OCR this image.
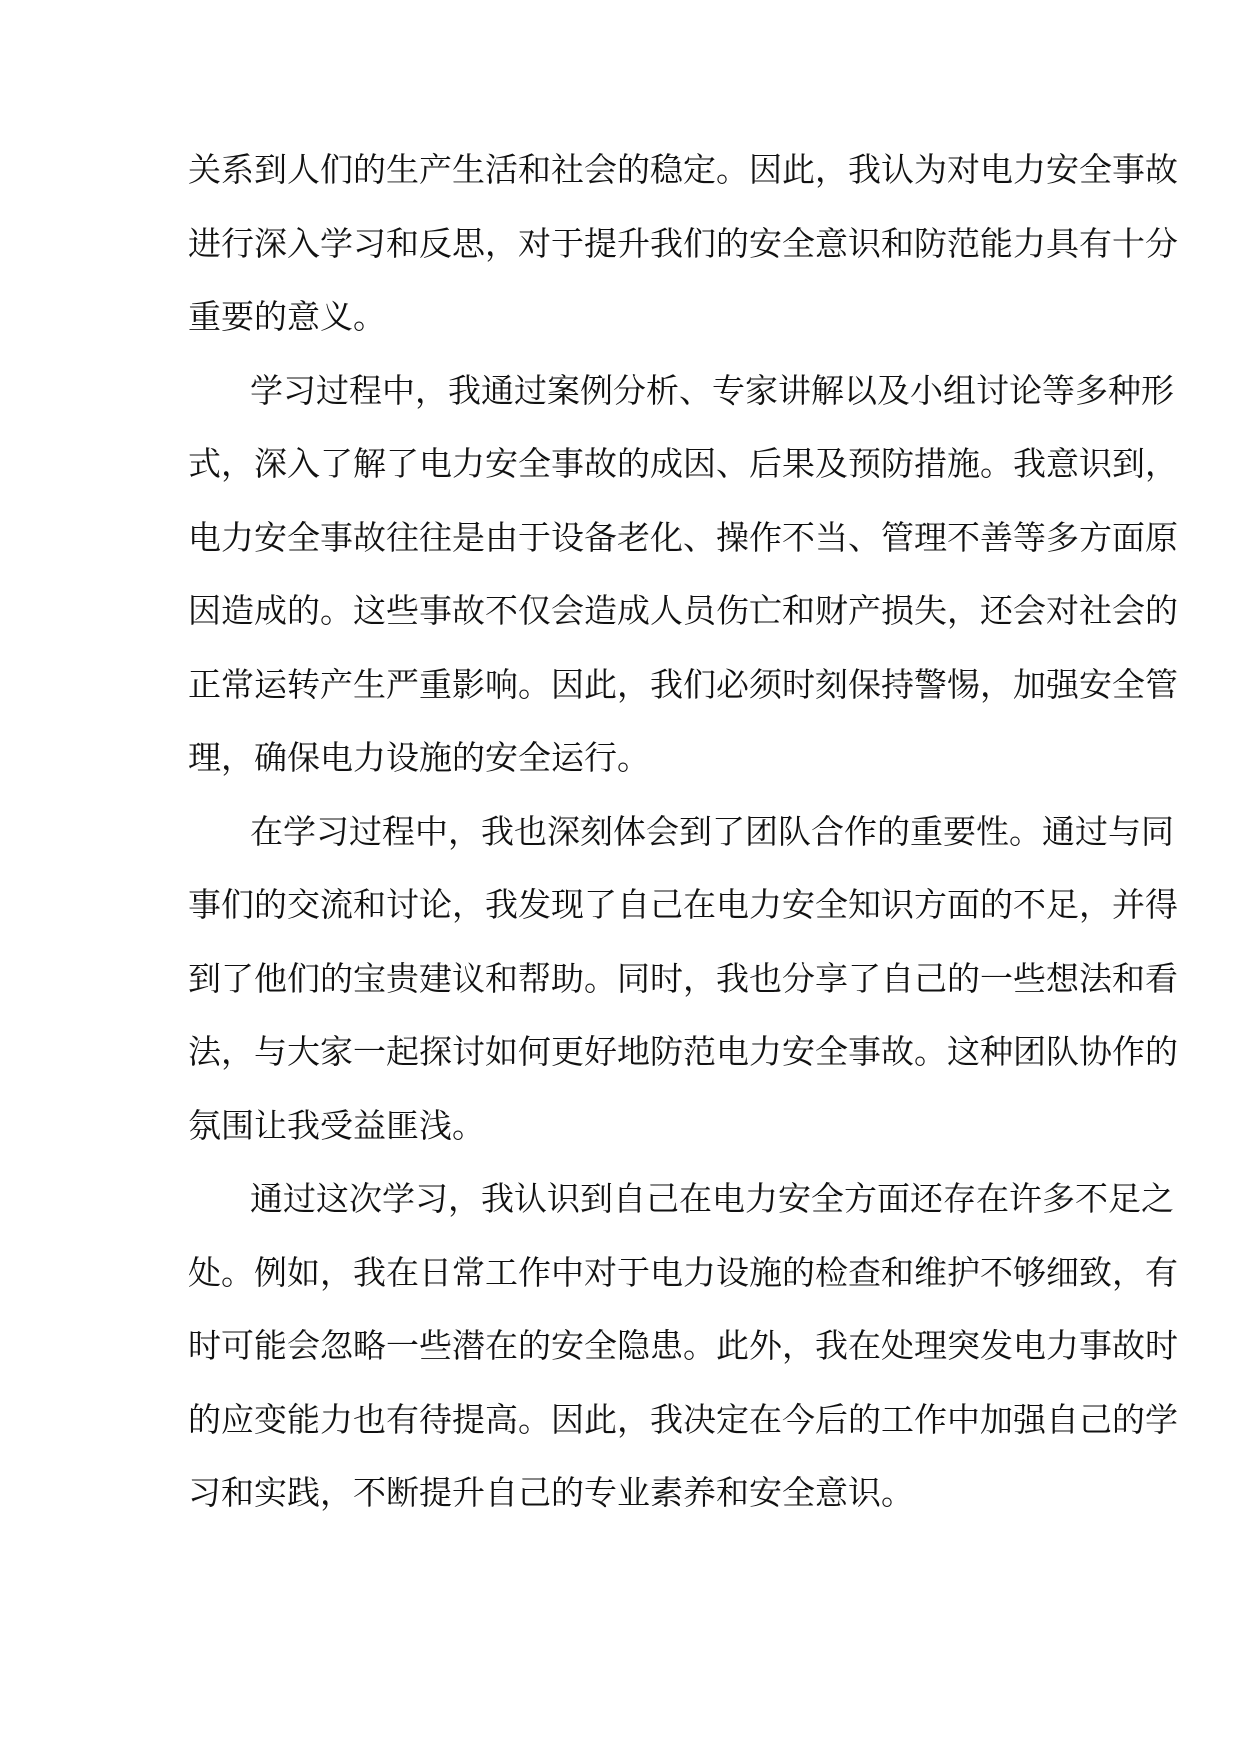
关系到人们的生产生活和社会的稳定。因此，我认为对电力安全事故
进行深入学习和反思，对于提升我们的安全意识和防范能力具有十分
重要的意义。
学习过程中，我通过案例分析、专家讲解以及小组讨论等多种形
式，深入了解了电力安全事故的成因、后果及预防措施。我意识到，
电力安全事故往往是由于设备老化、操作不当、管理不善等多方面原
因造成的。这些事故不仅会造成人员伤亡和财产损失，还会对社会的
正常运转产生严重影响。因此，我们必须时刻保持警惕，加强安全管
理，确保电力设施的安全运行。
在学习过程中，我也深刻体会到了团队合作的重要性。通过与同
事们的交流和讨论，我发现了自己在电力安全知识方面的不足，并得
到了他们的宝贵建议和帮助。同时，我也分享了自己的一些想法和看
法，与大家一起探讨如何更好地防范电力安全事故。这种团队协作的
氛围让我受益匪浅。
通过这次学习，我认识到自己在电力安全方面还存在许多不足之
处。例如，我在日常工作中对于电力设施的检查和维护不够细致，有
时可能会忽略一些潜在的安全隐患。此外，我在处理突发电力事故时
的应变能力也有待提高。因此，我决定在今后的工作中加强自己的学
习和实践，不断提升自己的专业素养和安全意识。
